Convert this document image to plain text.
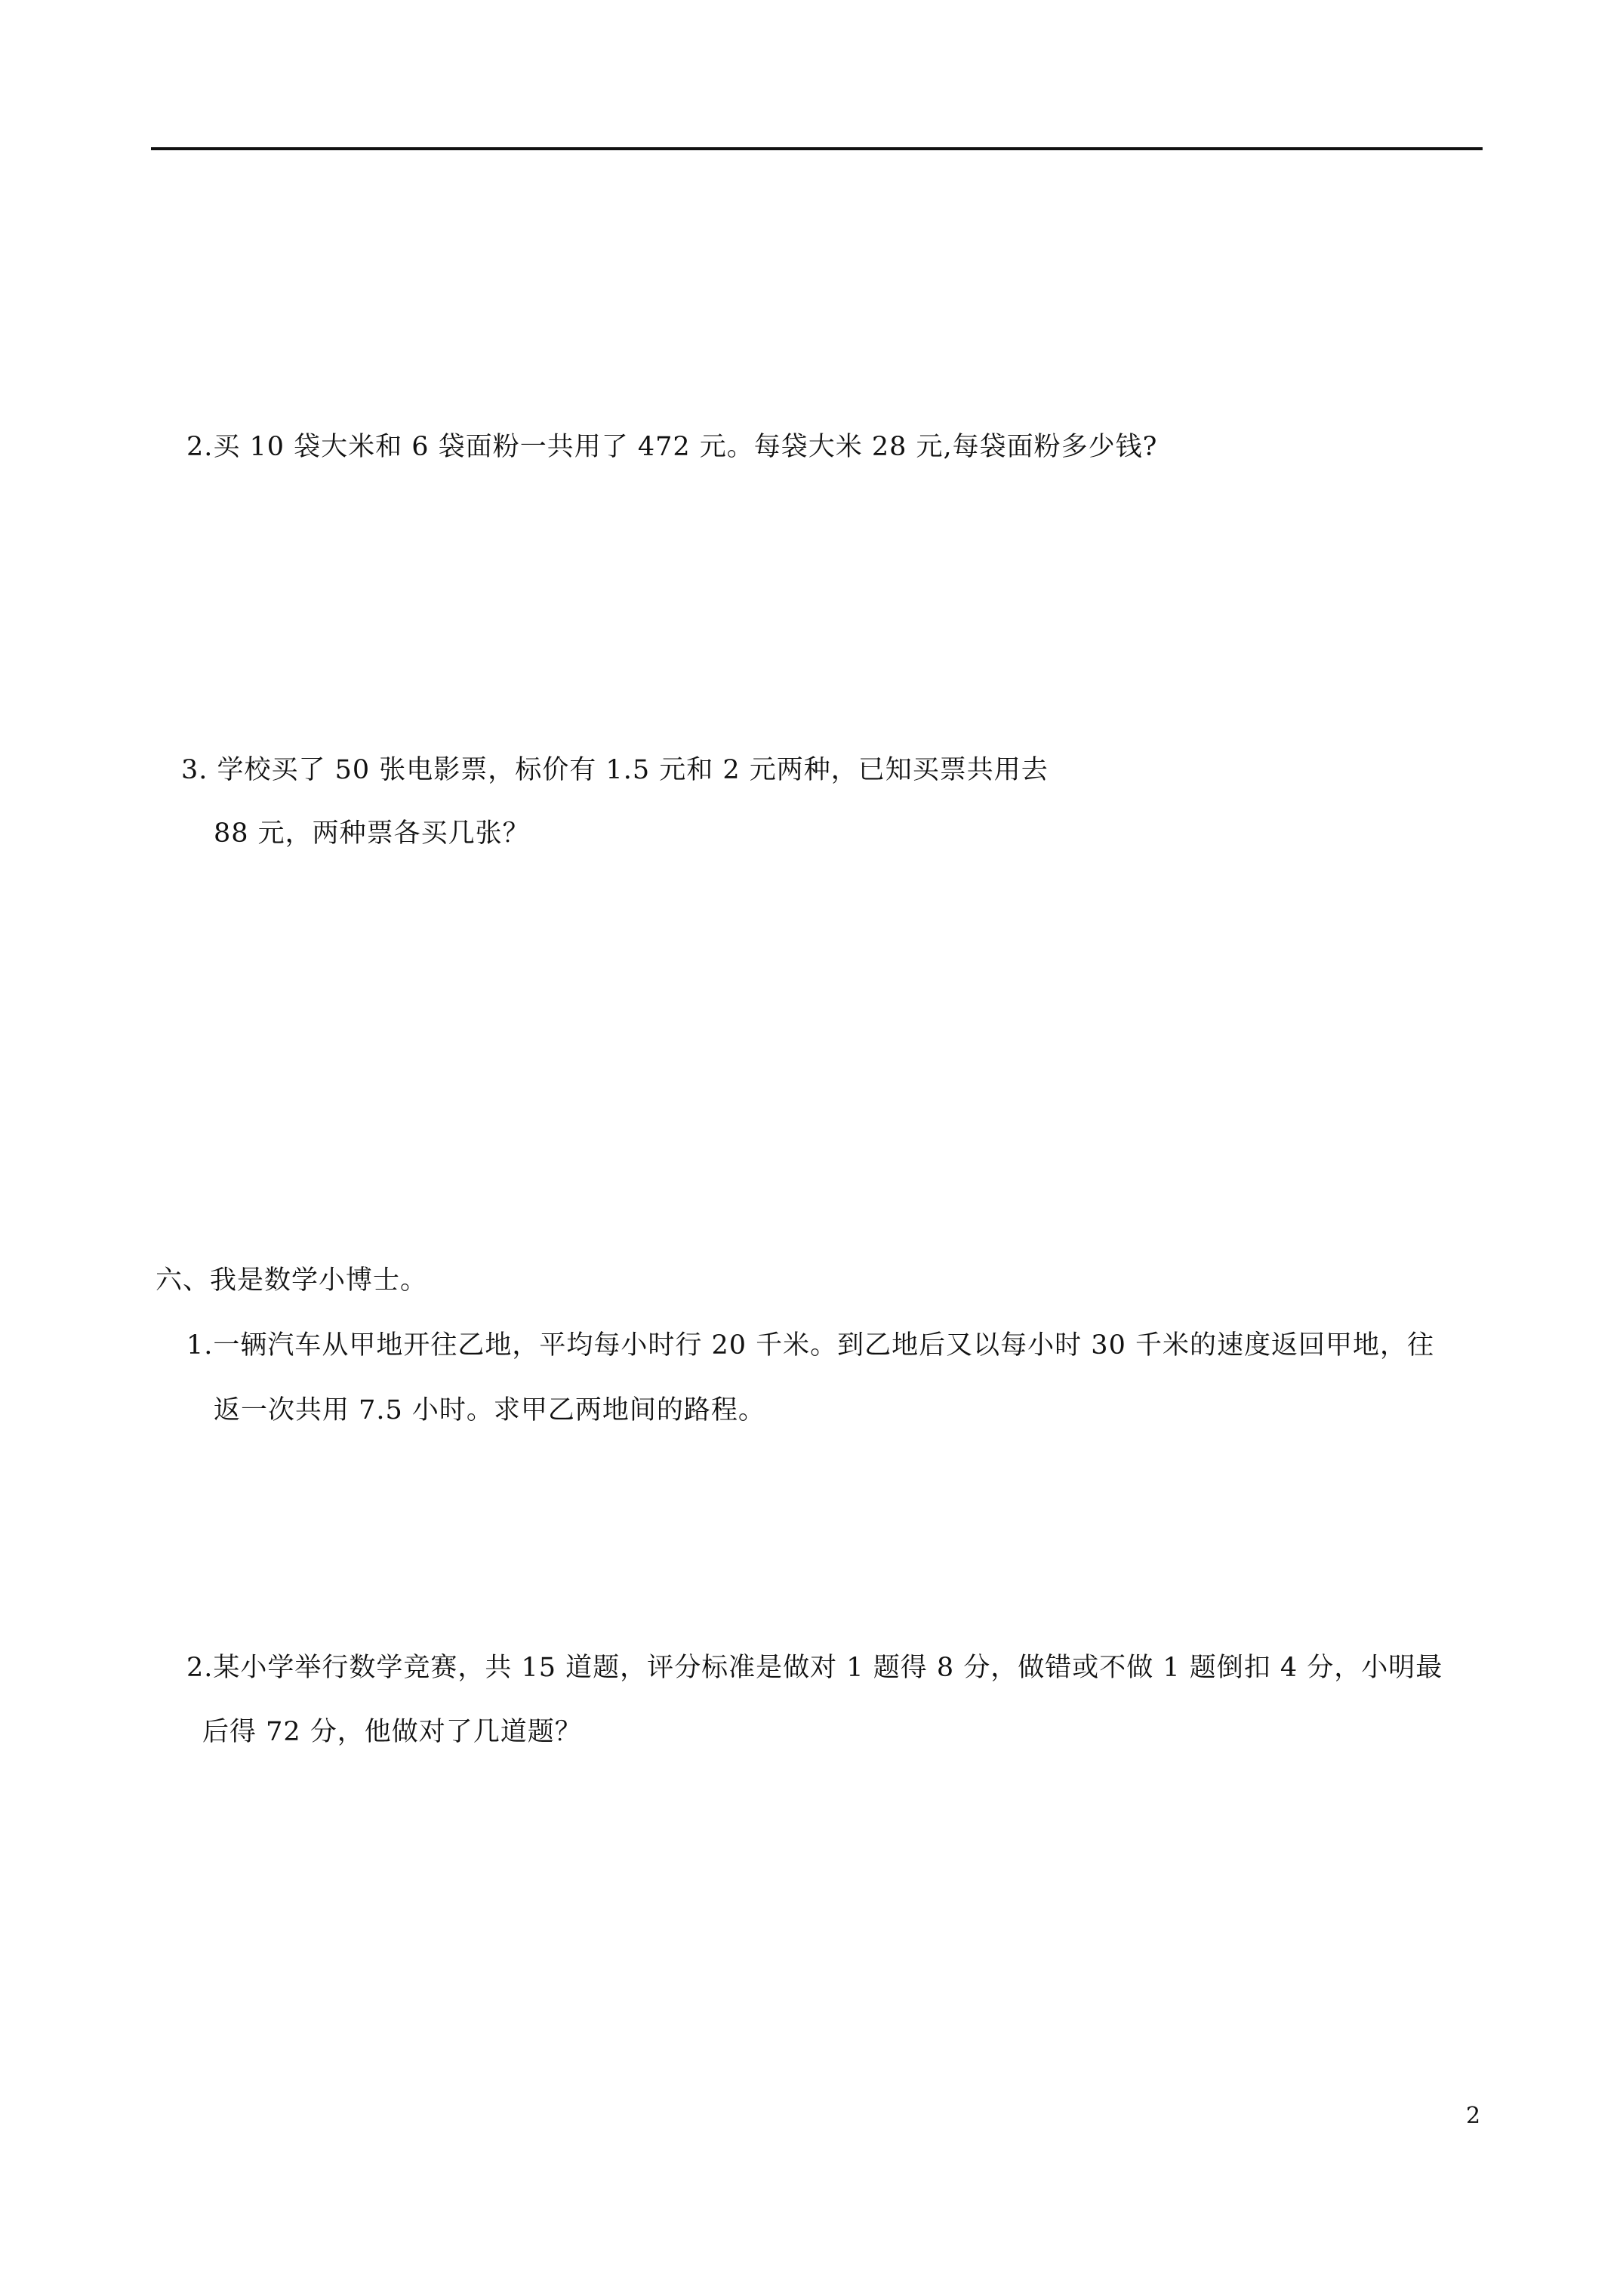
2.买 10 袋大米和 6 袋面粉一共用了 472 元。每袋大米 28 元,每袋面粉多少钱?
3. 学校买了 50 张电影票，标价有 1.5 元和 2 元两种，已知买票共用去
88 元，两种票各买几张？
六、我是数学小博士。
1.一辆汽车从甲地开往乙地，平均每小时行 20 千米。到乙地后又以每小时 30 千米的速度返回甲地，往
返一次共用 7.5 小时。求甲乙两地间的路程。
2.某小学举行数学竞赛，共 15 道题，评分标准是做对 1 题得 8 分，做错或不做 1 题倒扣 4 分，小明最
后得 72 分，他做对了几道题？
2
